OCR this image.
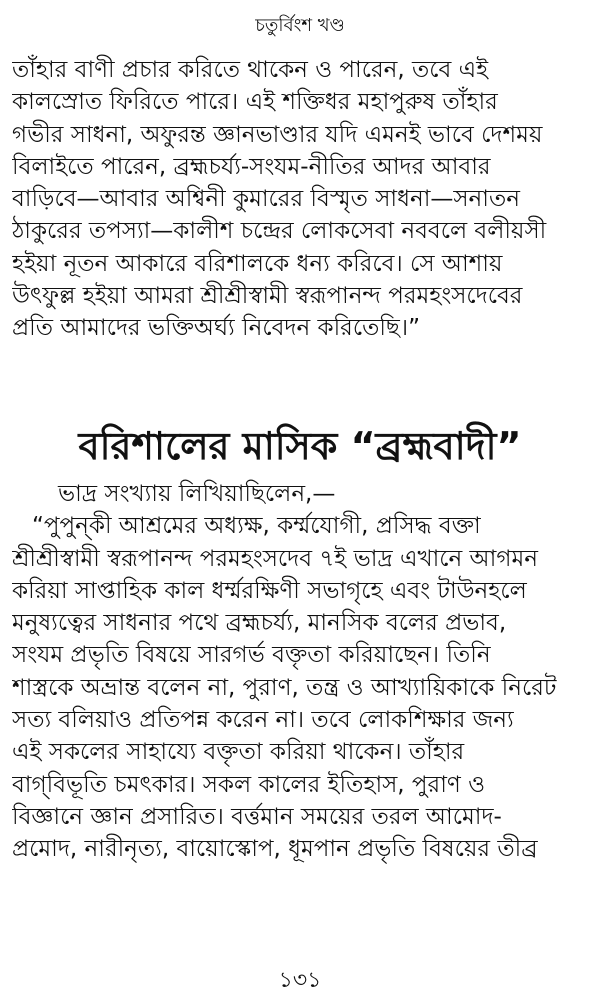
চতুর্বিংশ খণ্ড
তাঁহার বাণী প্রচার করিতে থাকেন ও পারেন, তবে এই
কালস্রোত ফিরিতে পারে। এই শক্তিধর মহাপুরুষ তাঁহার
গভীর সাধনা, অফুরন্ত জ্ঞানভাণ্ডার যদি এমনই ভাবে দেশময়
বিলাইতে পারেন, ব্রহ্মচর্য্য-সংযম-নীতির আদর আবার
বাড়িবে—আবার অশ্বিনী কুমারের বিস্মৃত সাধনা—সনাতন
ঠাকুরের তপস্যা—কালীশ চন্দ্রের লোকসেবা নববলে বলীয়সী
হইয়া নূতন আকারে বরিশালকে ধন্য করিবে। সে আশায়
উৎফুল্ল হইয়া আমরা শ্রীশ্রীস্বামী স্বরূপানন্দ পরমহংসদেবের
প্রতি আমাদের ভক্তিঅর্ঘ্য নিবেদন করিতেছি।”
বরিশালের মাসিক “ব্রহ্মবাদী”
ভাদ্র সংখ্যায় লিখিয়াছিলেন,—
“পুপুন্‌কী আশ্রমের অধ্যক্ষ, কর্ম্মযোগী, প্রসিদ্ধ বক্তা
শ্রীশ্রীস্বামী স্বরূপানন্দ পরমহংসদেব ৭ই ভাদ্র এখানে আগমন
করিয়া সাপ্তাহিক কাল ধর্ম্মরক্ষিণী সভাগৃহে এবং টাউনহলে
মনুষ্যত্বের সাধনার পথে ব্রহ্মচর্য্য, মানসিক বলের প্রভাব,
সংযম প্রভৃতি বিষয়ে সারগর্ভ বক্তৃতা করিয়াছেন। তিনি
শাস্ত্রকে অভ্রান্ত বলেন না, পুরাণ, তন্ত্র ও আখ্যায়িকাকে নিরেট
সত্য বলিয়াও প্রতিপন্ন করেন না। তবে লোকশিক্ষার জন্য
এই সকলের সাহায্যে বক্তৃতা করিয়া থাকেন। তাঁহার
বাগ্‌বিভূতি চমৎকার। সকল কালের ইতিহাস, পুরাণ ও
বিজ্ঞানে জ্ঞান প্রসারিত। বর্ত্তমান সময়ের তরল আমোদ-
প্রমোদ, নারীনৃত্য, বায়োস্কোপ, ধূমপান প্রভৃতি বিষয়ের তীব্র
১৩১
